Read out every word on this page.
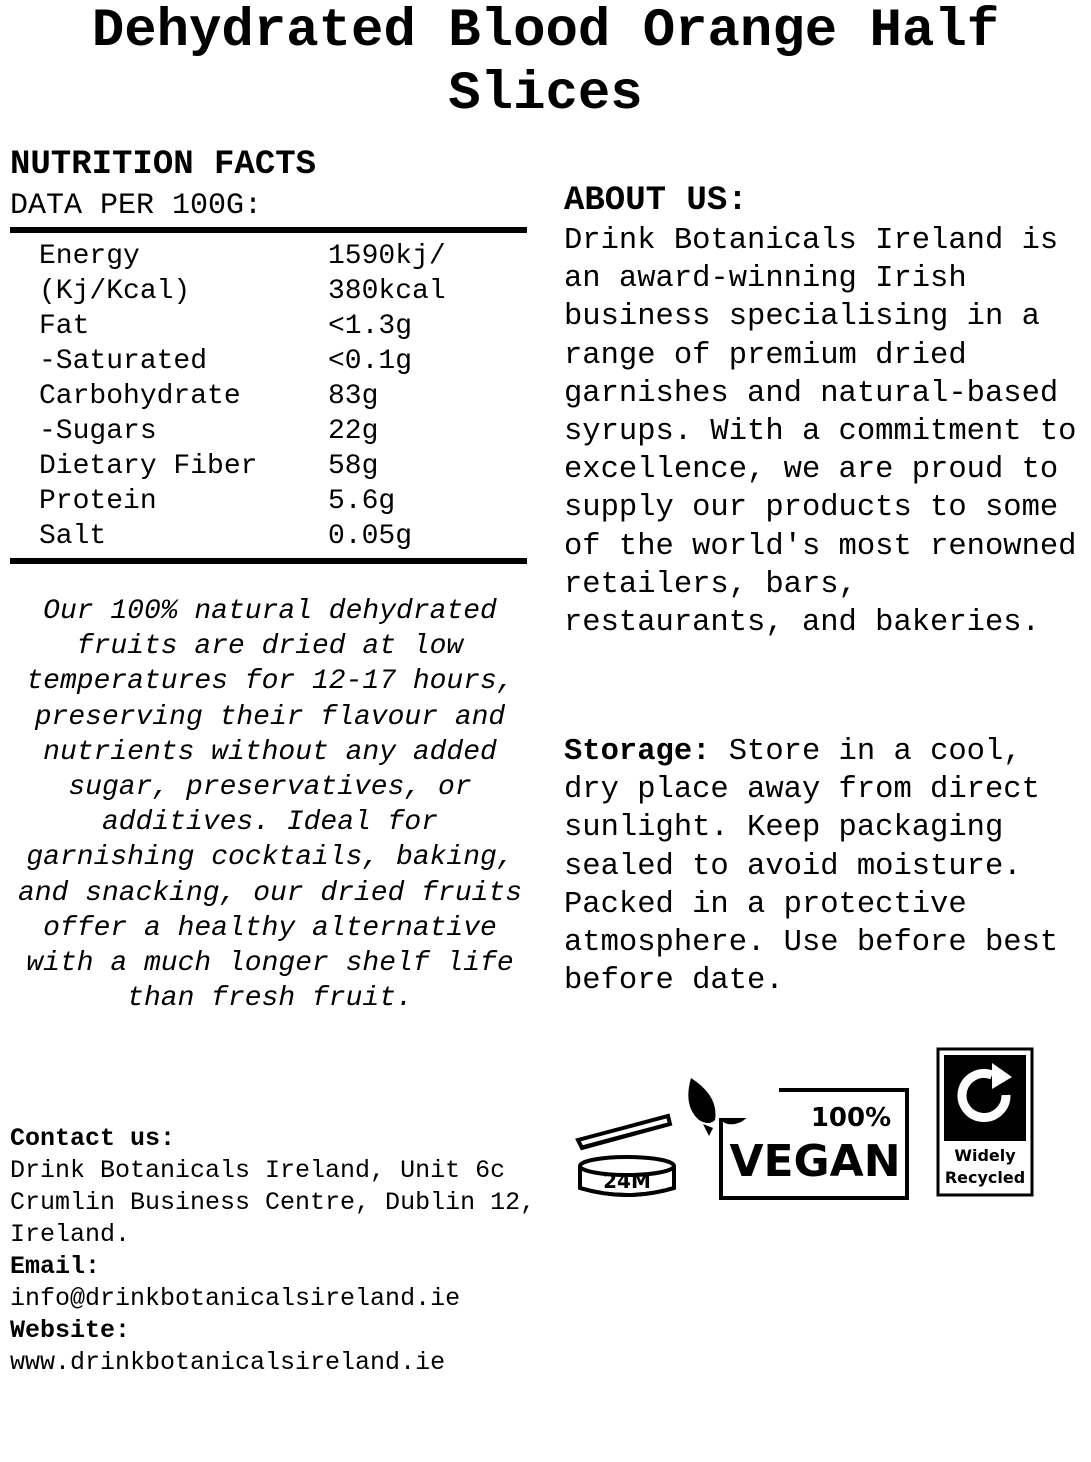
Dehydrated Blood Orange Half Slices
NUTRITION FACTS
DATA PER 100G:
Energy	1590kj/
(Kj/Kcal)	380kcal
Fat	<1.3g
-Saturated	<0.1g
Carbohydrate	83g
-Sugars	22g
Dietary Fiber	58g
Protein	5.6g
Salt	0.05g

Our 100% natural dehydrated fruits are dried at low temperatures for 12-17 hours, preserving their flavour and nutrients without any added sugar, preservatives, or additives. Ideal for garnishing cocktails, baking, and snacking, our dried fruits offer a healthy alternative with a much longer shelf life than fresh fruit.

Contact us:
Drink Botanicals Ireland, Unit 6c Crumlin Business Centre, Dublin 12, Ireland.
Email:
info@drinkbotanicalsireland.ie
Website:
www.drinkbotanicalsireland.ie
ABOUT US:

Drink Botanicals Ireland is an award-winning Irish business specialising in a range of premium dried garnishes and natural-based syrups. With a commitment to excellence, we are proud to supply our products to some of the world's most renowned retailers, bars, restaurants, and bakeries.

Storage: Store in a cool, dry place away from direct sunlight. Keep packaging sealed to avoid moisture. Packed in a protective atmosphere. Use before best before date.

24M
100%
VEGAN	Widely
Recycled
